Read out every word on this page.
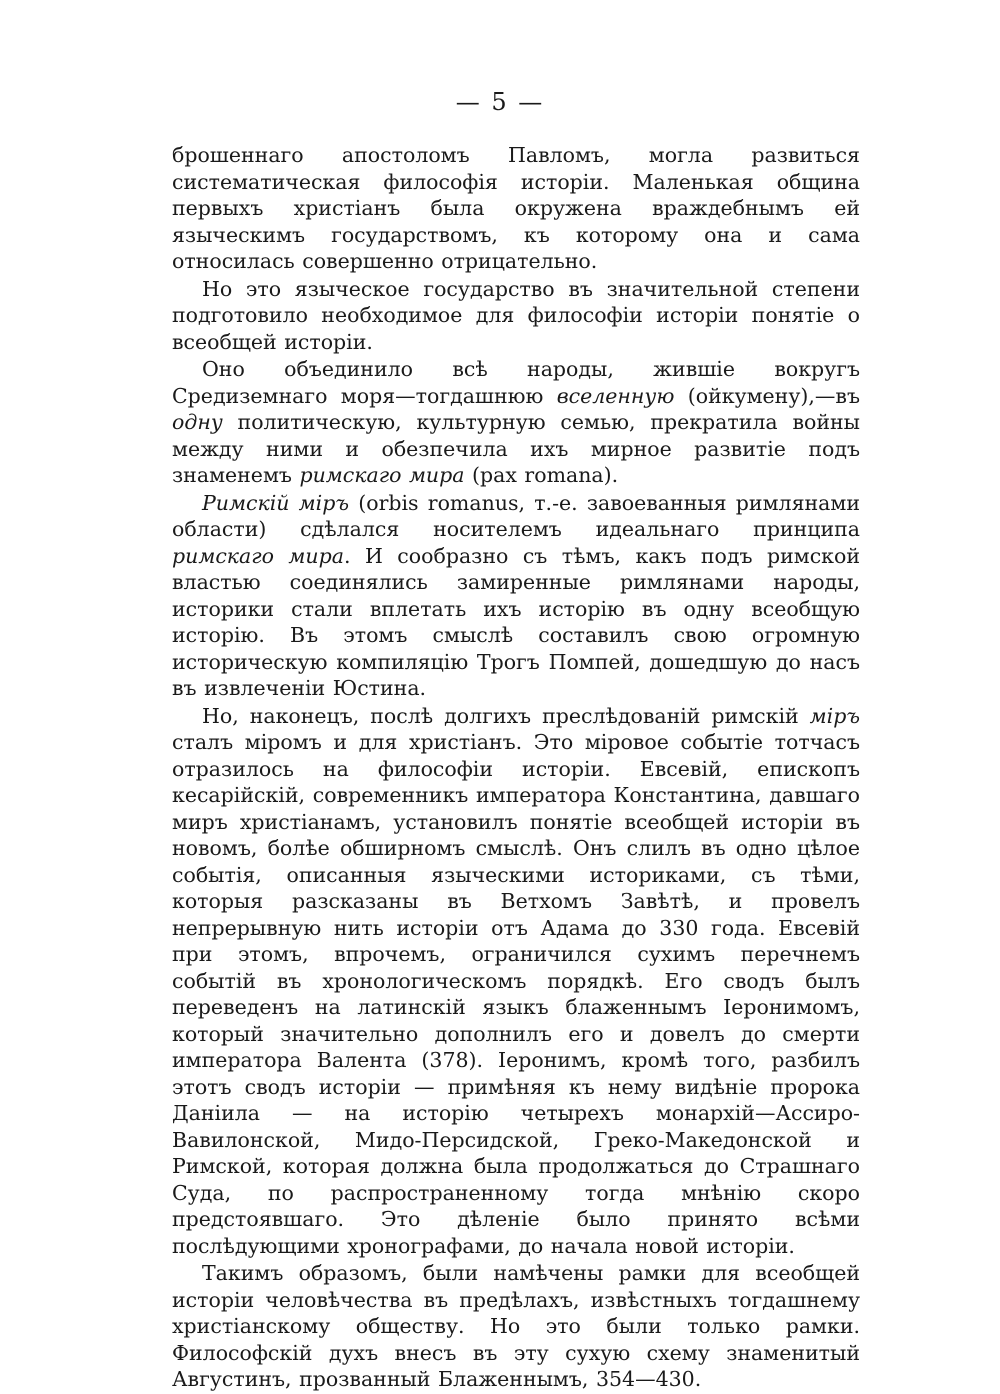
— 5 —

брошеннаго апостоломъ Павломъ, могла развиться систематическая философія исторіи. Маленькая община первыхъ христіанъ была окружена враждебнымъ ей языческимъ государствомъ, къ которому она и сама относилась совершенно отрицательно.

Но это языческое государство въ значительной степени подготовило необходимое для философіи исторіи понятіе о всеобщей исторіи.

Оно объединило всѣ народы, жившіе вокругъ Средиземнаго моря—тогдашнюю вселенную (ойкумену),—въ одну политическую, культурную семью, прекратила войны между ними и обезпечила ихъ мирное развитіе подъ знаменемъ римскаго мира (pax romana).

Римскій міръ (orbis romanus, т.-е. завоеванныя римлянами области) сдѣлался носителемъ идеальнаго принципа римскаго мира. И сообразно съ тѣмъ, какъ подъ римской властью соединялись замиренные римлянами народы, историки стали вплетать ихъ исторію въ одну всеобщую исторію. Въ этомъ смыслѣ составилъ свою огромную историческую компиляцію Трогъ Помпей, дошедшую до насъ въ извлеченіи Юстина.

Но, наконецъ, послѣ долгихъ преслѣдованій римскій міръ сталъ міромъ и для христіанъ. Это міровое событіе тотчасъ отразилось на философіи исторіи. Евсевій, епископъ кесарійскій, современникъ императора Константина, давшаго миръ христіанамъ, установилъ понятіе всеобщей исторіи въ новомъ, болѣе обширномъ смыслѣ. Онъ слилъ въ одно цѣлое событія, описанныя языческими историками, съ тѣми, которыя разсказаны въ Ветхомъ Завѣтѣ, и провелъ непрерывную нить исторіи отъ Адама до 330 года. Евсевій при этомъ, впрочемъ, ограничился сухимъ перечнемъ событій въ хронологическомъ порядкѣ. Его сводъ былъ переведенъ на латинскій языкъ блаженнымъ Іеронимомъ, который значительно дополнилъ его и довелъ до смерти императора Валента (378). Іеронимъ, кромѣ того, разбилъ этотъ сводъ исторіи — примѣняя къ нему видѣніе пророка Даніила — на исторію четырехъ монархій—Ассиро-Вавилонской, Мидо-Персидской, Греко-Македонской и Римской, которая должна была продолжаться до Страшнаго Суда, по распространенному тогда мнѣнію скоро предстоявшаго. Это дѣленіе было принято всѣми послѣдующими хронографами, до начала новой исторіи.

Такимъ образомъ, были намѣчены рамки для всеобщей исторіи человѣчества въ предѣлахъ, извѣстныхъ тогдашнему христіанскому обществу. Но это были только рамки. Философскій духъ внесъ въ эту сухую схему знаменитый Августинъ, прозванный Блаженнымъ, 354—430.
